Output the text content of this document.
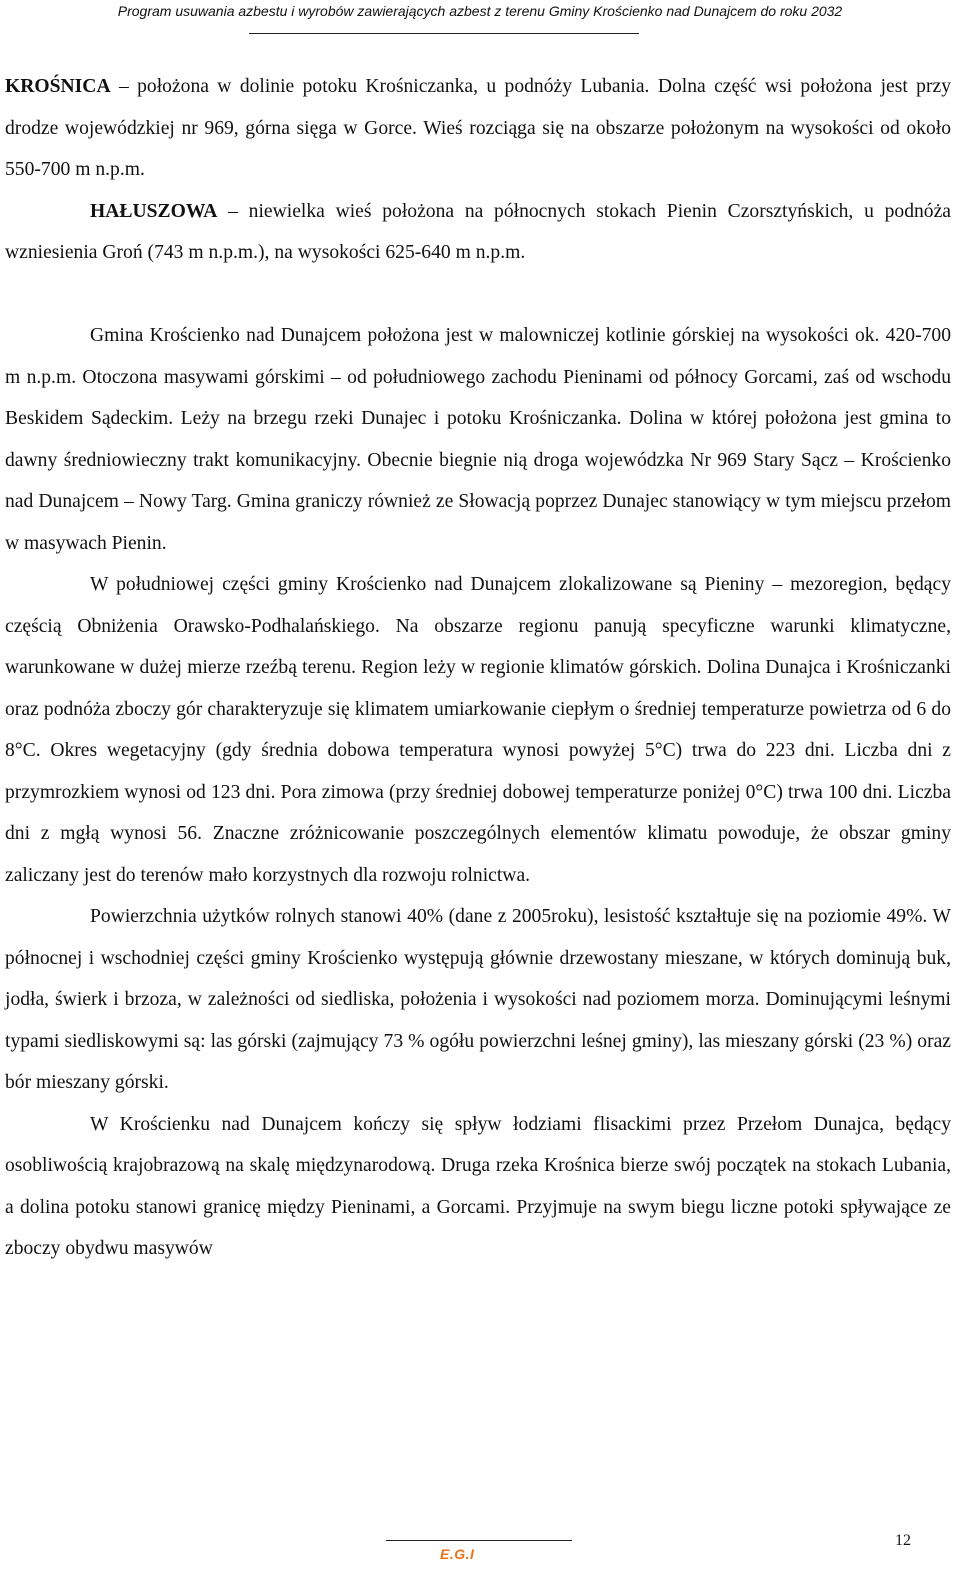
Program usuwania azbestu i wyrobów zawierających azbest z terenu Gminy Krościenko nad Dunajcem do roku 2032

KROŚNICA – położona w dolinie potoku Krośniczanka, u podnóży Lubania. Dolna część wsi położona jest przy drodze wojewódzkiej nr 969, górna sięga w Gorce. Wieś rozciąga się na obszarze położonym na wysokości od około 550-700 m n.p.m.

HAŁUSZOWA – niewielka wieś położona na północnych stokach Pienin Czorsztyńskich, u podnóża wzniesienia Groń (743 m n.p.m.), na wysokości 625-640 m n.p.m.

Gmina Krościenko nad Dunajcem położona jest w malowniczej kotlinie górskiej na wysokości ok. 420-700 m n.p.m. Otoczona masywami górskimi – od południowego zachodu Pieninami od północy Gorcami, zaś od wschodu Beskidem Sądeckim. Leży na brzegu rzeki Dunajec i potoku Krośniczanka. Dolina w której położona jest gmina to dawny średniowieczny trakt komunikacyjny. Obecnie biegnie nią droga wojewódzka Nr 969 Stary Sącz – Krościenko nad Dunajcem – Nowy Targ. Gmina graniczy również ze Słowacją poprzez Dunajec stanowiący w tym miejscu przełom w masywach Pienin.

W południowej części gminy Krościenko nad Dunajcem zlokalizowane są Pieniny – mezoregion, będący częścią Obniżenia Orawsko-Podhalańskiego. Na obszarze regionu panują specyficzne warunki klimatyczne, warunkowane w dużej mierze rzeźbą terenu. Region leży w regionie klimatów górskich. Dolina Dunajca i Krośniczanki oraz podnóża zboczy gór charakteryzuje się klimatem umiarkowanie ciepłym o średniej temperaturze powietrza od 6 do 8°C. Okres wegetacyjny (gdy średnia dobowa temperatura wynosi powyżej 5°C) trwa do 223 dni. Liczba dni z przymrozkiem wynosi od 123 dni. Pora zimowa (przy średniej dobowej temperaturze poniżej 0°C) trwa 100 dni. Liczba dni z mgłą wynosi 56. Znaczne zróżnicowanie poszczególnych elementów klimatu powoduje, że obszar gminy zaliczany jest do terenów mało korzystnych dla rozwoju rolnictwa.

Powierzchnia użytków rolnych stanowi 40% (dane z 2005roku), lesistość kształtuje się na poziomie 49%. W północnej i wschodniej części gminy Krościenko występują głównie drzewostany mieszane, w których dominują buk, jodła, świerk i brzoza, w zależności od siedliska, położenia i wysokości nad poziomem morza. Dominującymi leśnymi typami siedliskowymi są: las górski (zajmujący 73 % ogółu powierzchni leśnej gminy), las mieszany górski (23 %) oraz bór mieszany górski.

W Krościenku nad Dunajcem kończy się spływ łodziami flisackimi przez Przełom Dunajca, będący osobliwością krajobrazową na skalę międzynarodową. Druga rzeka Krośnica bierze swój początek na stokach Lubania, a dolina potoku stanowi granicę między Pieninami, a Gorcami. Przyjmuje na swym biegu liczne potoki spływające ze zboczy obydwu masywów

E.G.I
12
